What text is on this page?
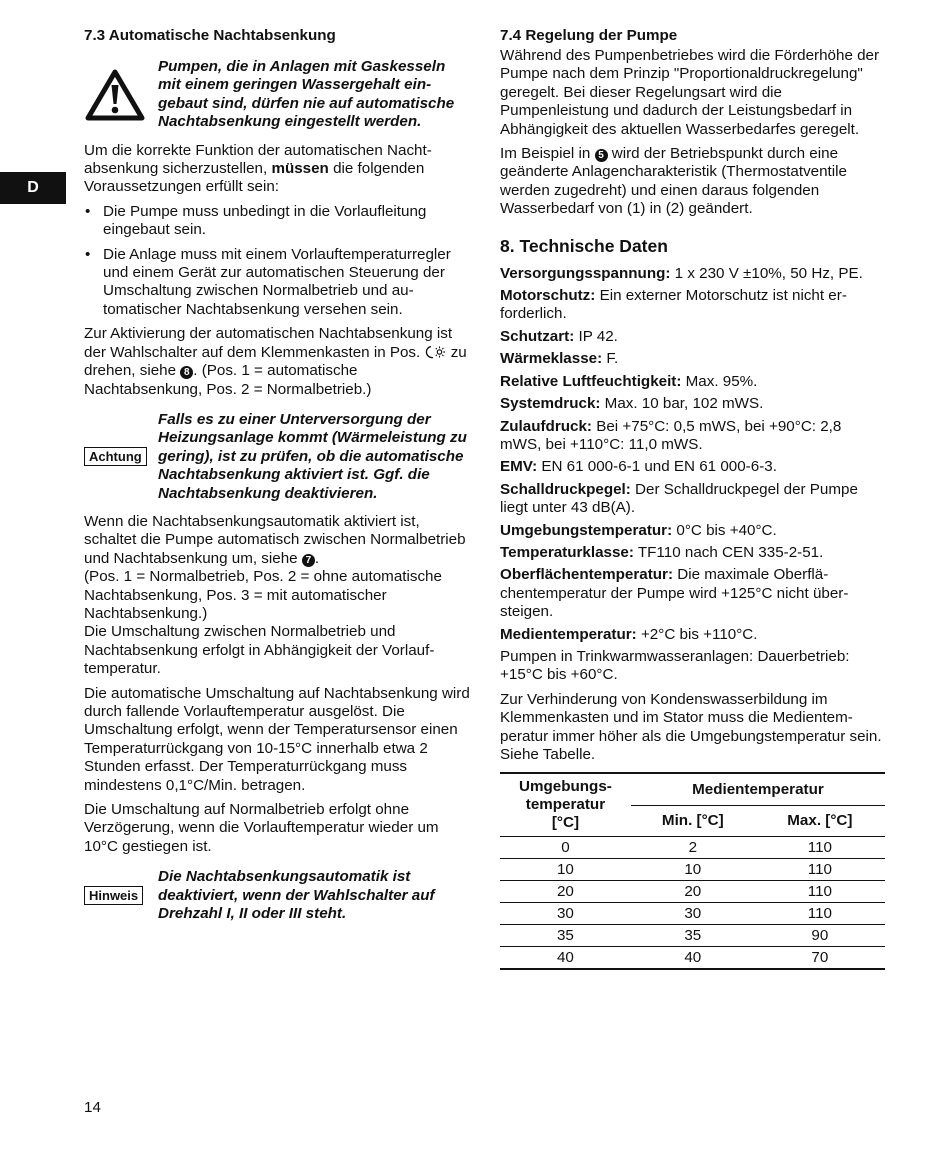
D
7.3 Automatische Nachtabsenkung
Pumpen, die in Anlagen mit Gaskesseln mit einem geringen Wassergehalt eingebaut sind, dürfen nie auf automatische Nachtabsenkung eingestellt werden.

Um die korrekte Funktion der automatischen Nachtabsenkung sicherzustellen, müssen die folgenden Voraussetzungen erfüllt sein:

• Die Pumpe muss unbedingt in die Vorlaufleitung eingebaut sein.
• Die Anlage muss mit einem Vorlauftemperaturregler und einem Gerät zur automatischen Steuerung der Umschaltung zwischen Normalbetrieb und automatischer Nachtabsenkung versehen sein.

Zur Aktivierung der automatischen Nachtabsenkung ist der Wahlschalter auf dem Klemmenkasten in Pos.  zu drehen, siehe 8 . (Pos. 1 = automatische Nachtabsenkung, Pos. 2 = Normalbetrieb.)

Achtung
Falls es zu einer Unterversorgung der Heizungsanlage kommt (Wärmeleistung zu gering), ist zu prüfen, ob die automatische Nachtabsenkung aktiviert ist. Ggf. die Nachtabsenkung deaktivieren.

Wenn die Nachtabsenkungsautomatik aktiviert ist, schaltet die Pumpe automatisch zwischen Normalbetrieb und Nachtabsenkung um, siehe 7 .

(Pos. 1 = Normalbetrieb, Pos. 2 = ohne automatische Nachtabsenkung, Pos. 3 = mit automatischer Nachtabsenkung.)

Die Umschaltung zwischen Normalbetrieb und Nachtabsenkung erfolgt in Abhängigkeit der Vorlauftemperatur.

Die automatische Umschaltung auf Nachtabsenkung wird durch fallende Vorlauftemperatur ausgelöst. Die Umschaltung erfolgt, wenn der Temperatursensor einen Temperaturrückgang von 10-15°C innerhalb etwa 2 Stunden erfasst. Der Temperaturrückgang muss mindestens 0,1°C/Min. betragen.

Die Umschaltung auf Normalbetrieb erfolgt ohne Verzögerung, wenn die Vorlauftemperatur wieder um 10°C gestiegen ist.

Hinweis
Die Nachtabsenkungsautomatik ist deaktiviert, wenn der Wahlschalter auf Drehzahl I, II oder III steht.
7.4 Regelung der Pumpe

Während des Pumpenbetriebes wird die Förderhöhe der Pumpe nach dem Prinzip "Proportionaldruckregelung" geregelt. Bei dieser Regelungsart wird die Pumpenleistung und dadurch der Leistungsbedarf in Abhängigkeit des aktuellen Wasserbedarfes geregelt.

Im Beispiel in 5 wird der Betriebspunkt durch eine geänderte Anlagencharakteristik (Thermostatventile werden zugedreht) und einen daraus folgenden Wasserbedarf von (1) in (2) geändert.

8. Technische Daten

Versorgungsspannung: 1 x 230 V ±10%, 50 Hz, PE.

Motorschutz: Ein externer Motorschutz ist nicht erforderlich.

Schutzart: IP 42.

Wärmeklasse: F.

Relative Luftfeuchtigkeit: Max. 95%.

Systemdruck: Max. 10 bar, 102 mWS.

Zulaufdruck: Bei +75°C: 0,5 mWS, bei +90°C: 2,8 mWS, bei +110°C: 11,0 mWS.

EMV: EN 61 000-6-1 und EN 61 000-6-3.

Schalldruckpegel: Der Schalldruckpegel der Pumpe liegt unter 43 dB(A).

Umgebungstemperatur: 0°C bis +40°C.

Temperaturklasse: TF110 nach CEN 335-2-51.

Oberflächentemperatur: Die maximale Oberflächentemperatur der Pumpe wird +125°C nicht übersteigen.

Medientemperatur: +2°C bis +110°C.

Pumpen in Trinkwarmwasseranlagen: Dauerbetrieb: +15°C bis +60°C.

Zur Verhinderung von Kondenswasserbildung im Klemmenkasten und im Stator muss die Medientemperatur immer höher als die Umgebungstemperatur sein. Siehe Tabelle.

Umgebungs-
temperatur
[°C]	Medientemperatur	
	Min. [°C]	Max. [°C]
0	2	110
10	10	110
20	20	110
30	30	110
35	35	90
40	40	70
14
